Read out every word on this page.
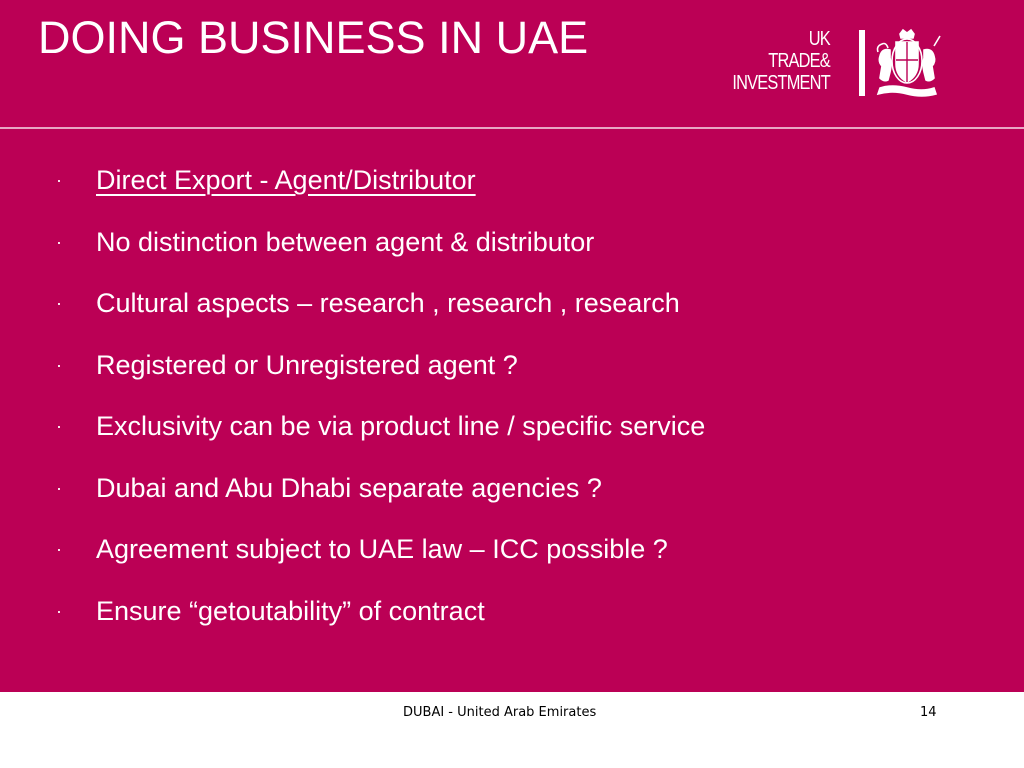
DOING BUSINESS IN UAE	UK
TRADE&
INVESTMENT
· Direct Export - Agent/Distributor
· No distinction between agent & distributor
· Cultural aspects – research , research , research
· Registered or Unregistered agent ?
· Exclusivity can be via product line / specific service
· Dubai and Abu Dhabi separate agencies ?
· Agreement subject to UAE law – ICC possible ?
· Ensure “getoutability” of contract
DUBAI - United Arab Emirates	14
